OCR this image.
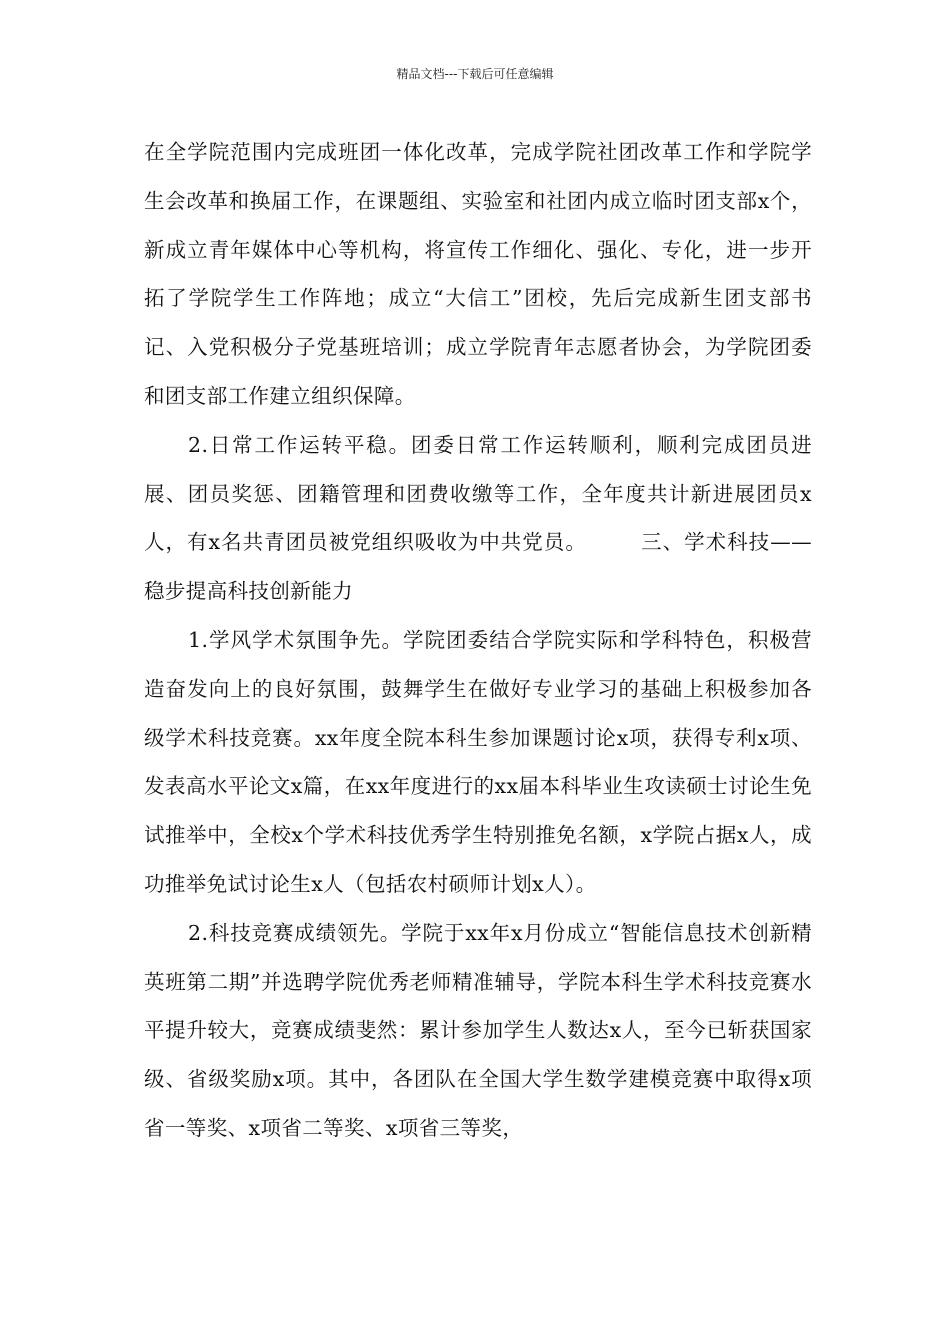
精品文档---下载后可任意编辑

在全学院范围内完成班团一体化改革，完成学院社团改革工作和学院学生会改革和换届工作，在课题组、实验室和社团内成立临时团支部x个，新成立青年媒体中心等机构，将宣传工作细化、强化、专化，进一步开拓了学院学生工作阵地；成立“大信工”团校，先后完成新生团支部书记、入党积极分子党基班培训；成立学院青年志愿者协会，为学院团委和团支部工作建立组织保障。

2.日常工作运转平稳。团委日常工作运转顺利，顺利完成团员进展、团员奖惩、团籍管理和团费收缴等工作，全年度共计新进展团员x人，有x名共青团员被党组织吸收为中共党员。　　　三、学术科技——稳步提高科技创新能力

1.学风学术氛围争先。学院团委结合学院实际和学科特色，积极营造奋发向上的良好氛围，鼓舞学生在做好专业学习的基础上积极参加各级学术科技竞赛。xx年度全院本科生参加课题讨论x项，获得专利x项、发表高水平论文x篇，在xx年度进行的xx届本科毕业生攻读硕士讨论生免试推举中，全校x个学术科技优秀学生特别推免名额，x学院占据x人，成功推举免试讨论生x人（包括农村硕师计划x人）。

2.科技竞赛成绩领先。学院于xx年x月份成立“智能信息技术创新精英班第二期”并选聘学院优秀老师精准辅导，学院本科生学术科技竞赛水平提升较大，竞赛成绩斐然：累计参加学生人数达x人，至今已斩获国家级、省级奖励x项。其中，各团队在全国大学生数学建模竞赛中取得x项省一等奖、x项省二等奖、x项省三等奖，
